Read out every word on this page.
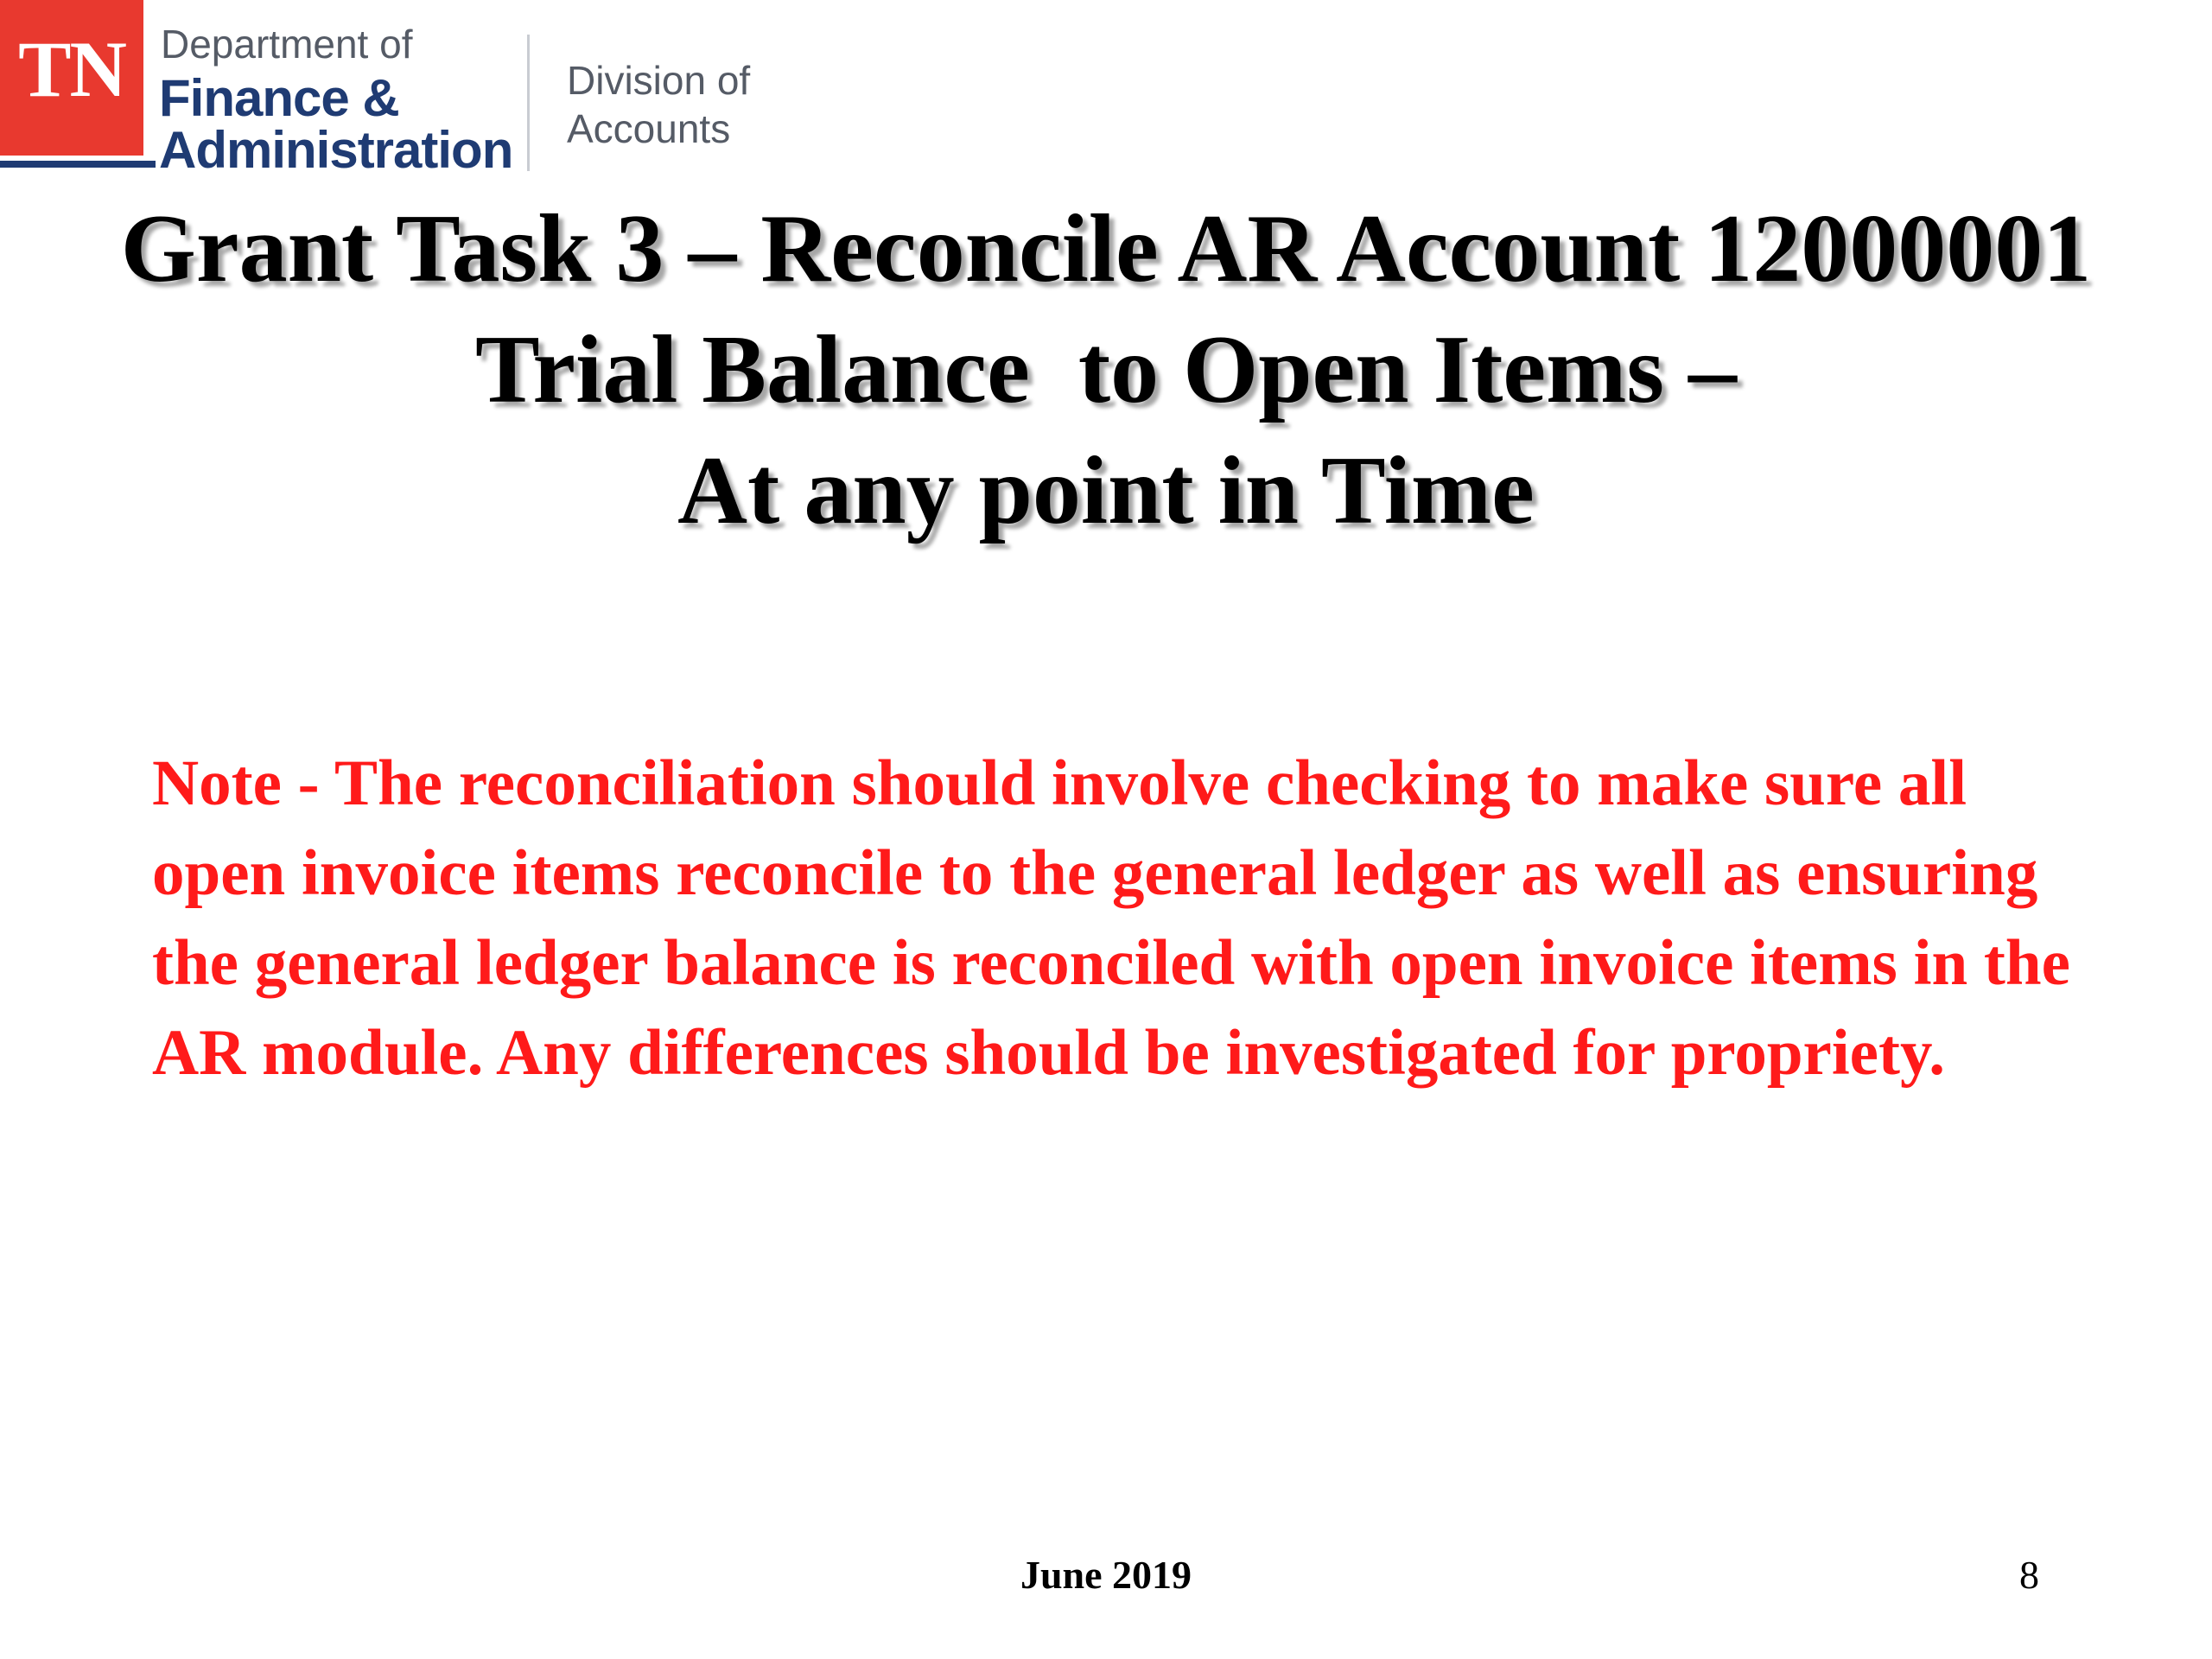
TN Department of
Finance &
Administration
Division of
Accounts
Grant Task 3 – Reconcile AR Account 12000001
Trial Balance  to Open Items –
At any point in Time

Note - The reconciliation should involve checking to make sure all open invoice items reconcile to the general ledger as well as ensuring the general ledger balance is reconciled with open invoice items in the AR module. Any differences should be investigated for propriety.

June 2019	8
